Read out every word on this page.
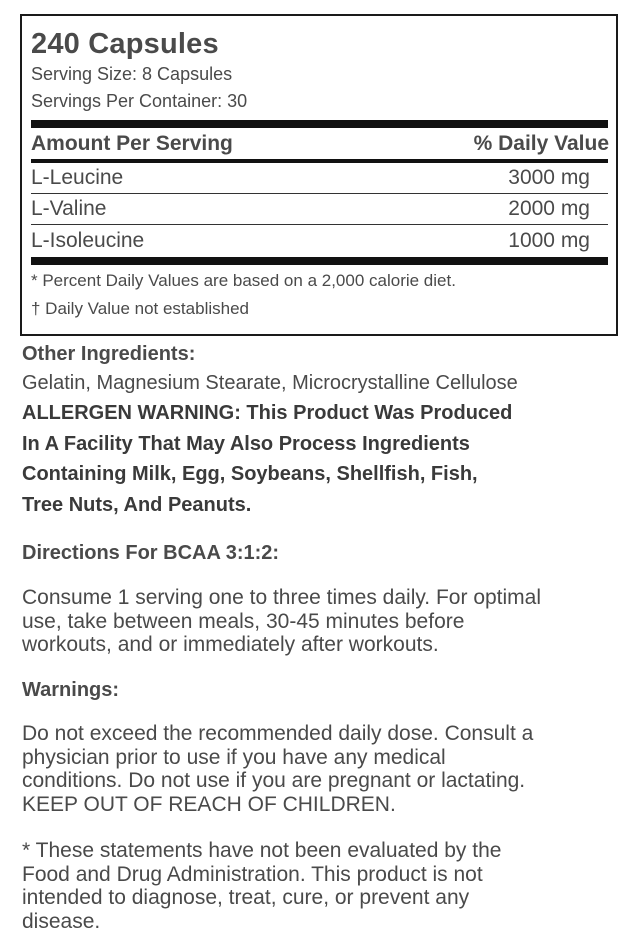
240 Capsules
Serving Size: 8 Capsules
Servings Per Container: 30
Amount Per Serving	% Daily Value
L-Leucine	3000 mg
L-Valine	2000 mg
L-Isoleucine	1000 mg
* Percent Daily Values are based on a 2,000 calorie diet.
† Daily Value not established
Other Ingredients:
Gelatin, Magnesium Stearate, Microcrystalline Cellulose
ALLERGEN WARNING: This Product Was Produced
In A Facility That May Also Process Ingredients
Containing Milk, Egg, Soybeans, Shellfish, Fish,
Tree Nuts, And Peanuts.
Directions For BCAA 3:1:2:
Consume 1 serving one to three times daily. For optimal
use, take between meals, 30-45 minutes before
workouts, and or immediately after workouts.
Warnings:
Do not exceed the recommended daily dose. Consult a
physician prior to use if you have any medical
conditions. Do not use if you are pregnant or lactating.
KEEP OUT OF REACH OF CHILDREN.
* These statements have not been evaluated by the
Food and Drug Administration. This product is not
intended to diagnose, treat, cure, or prevent any
disease.
